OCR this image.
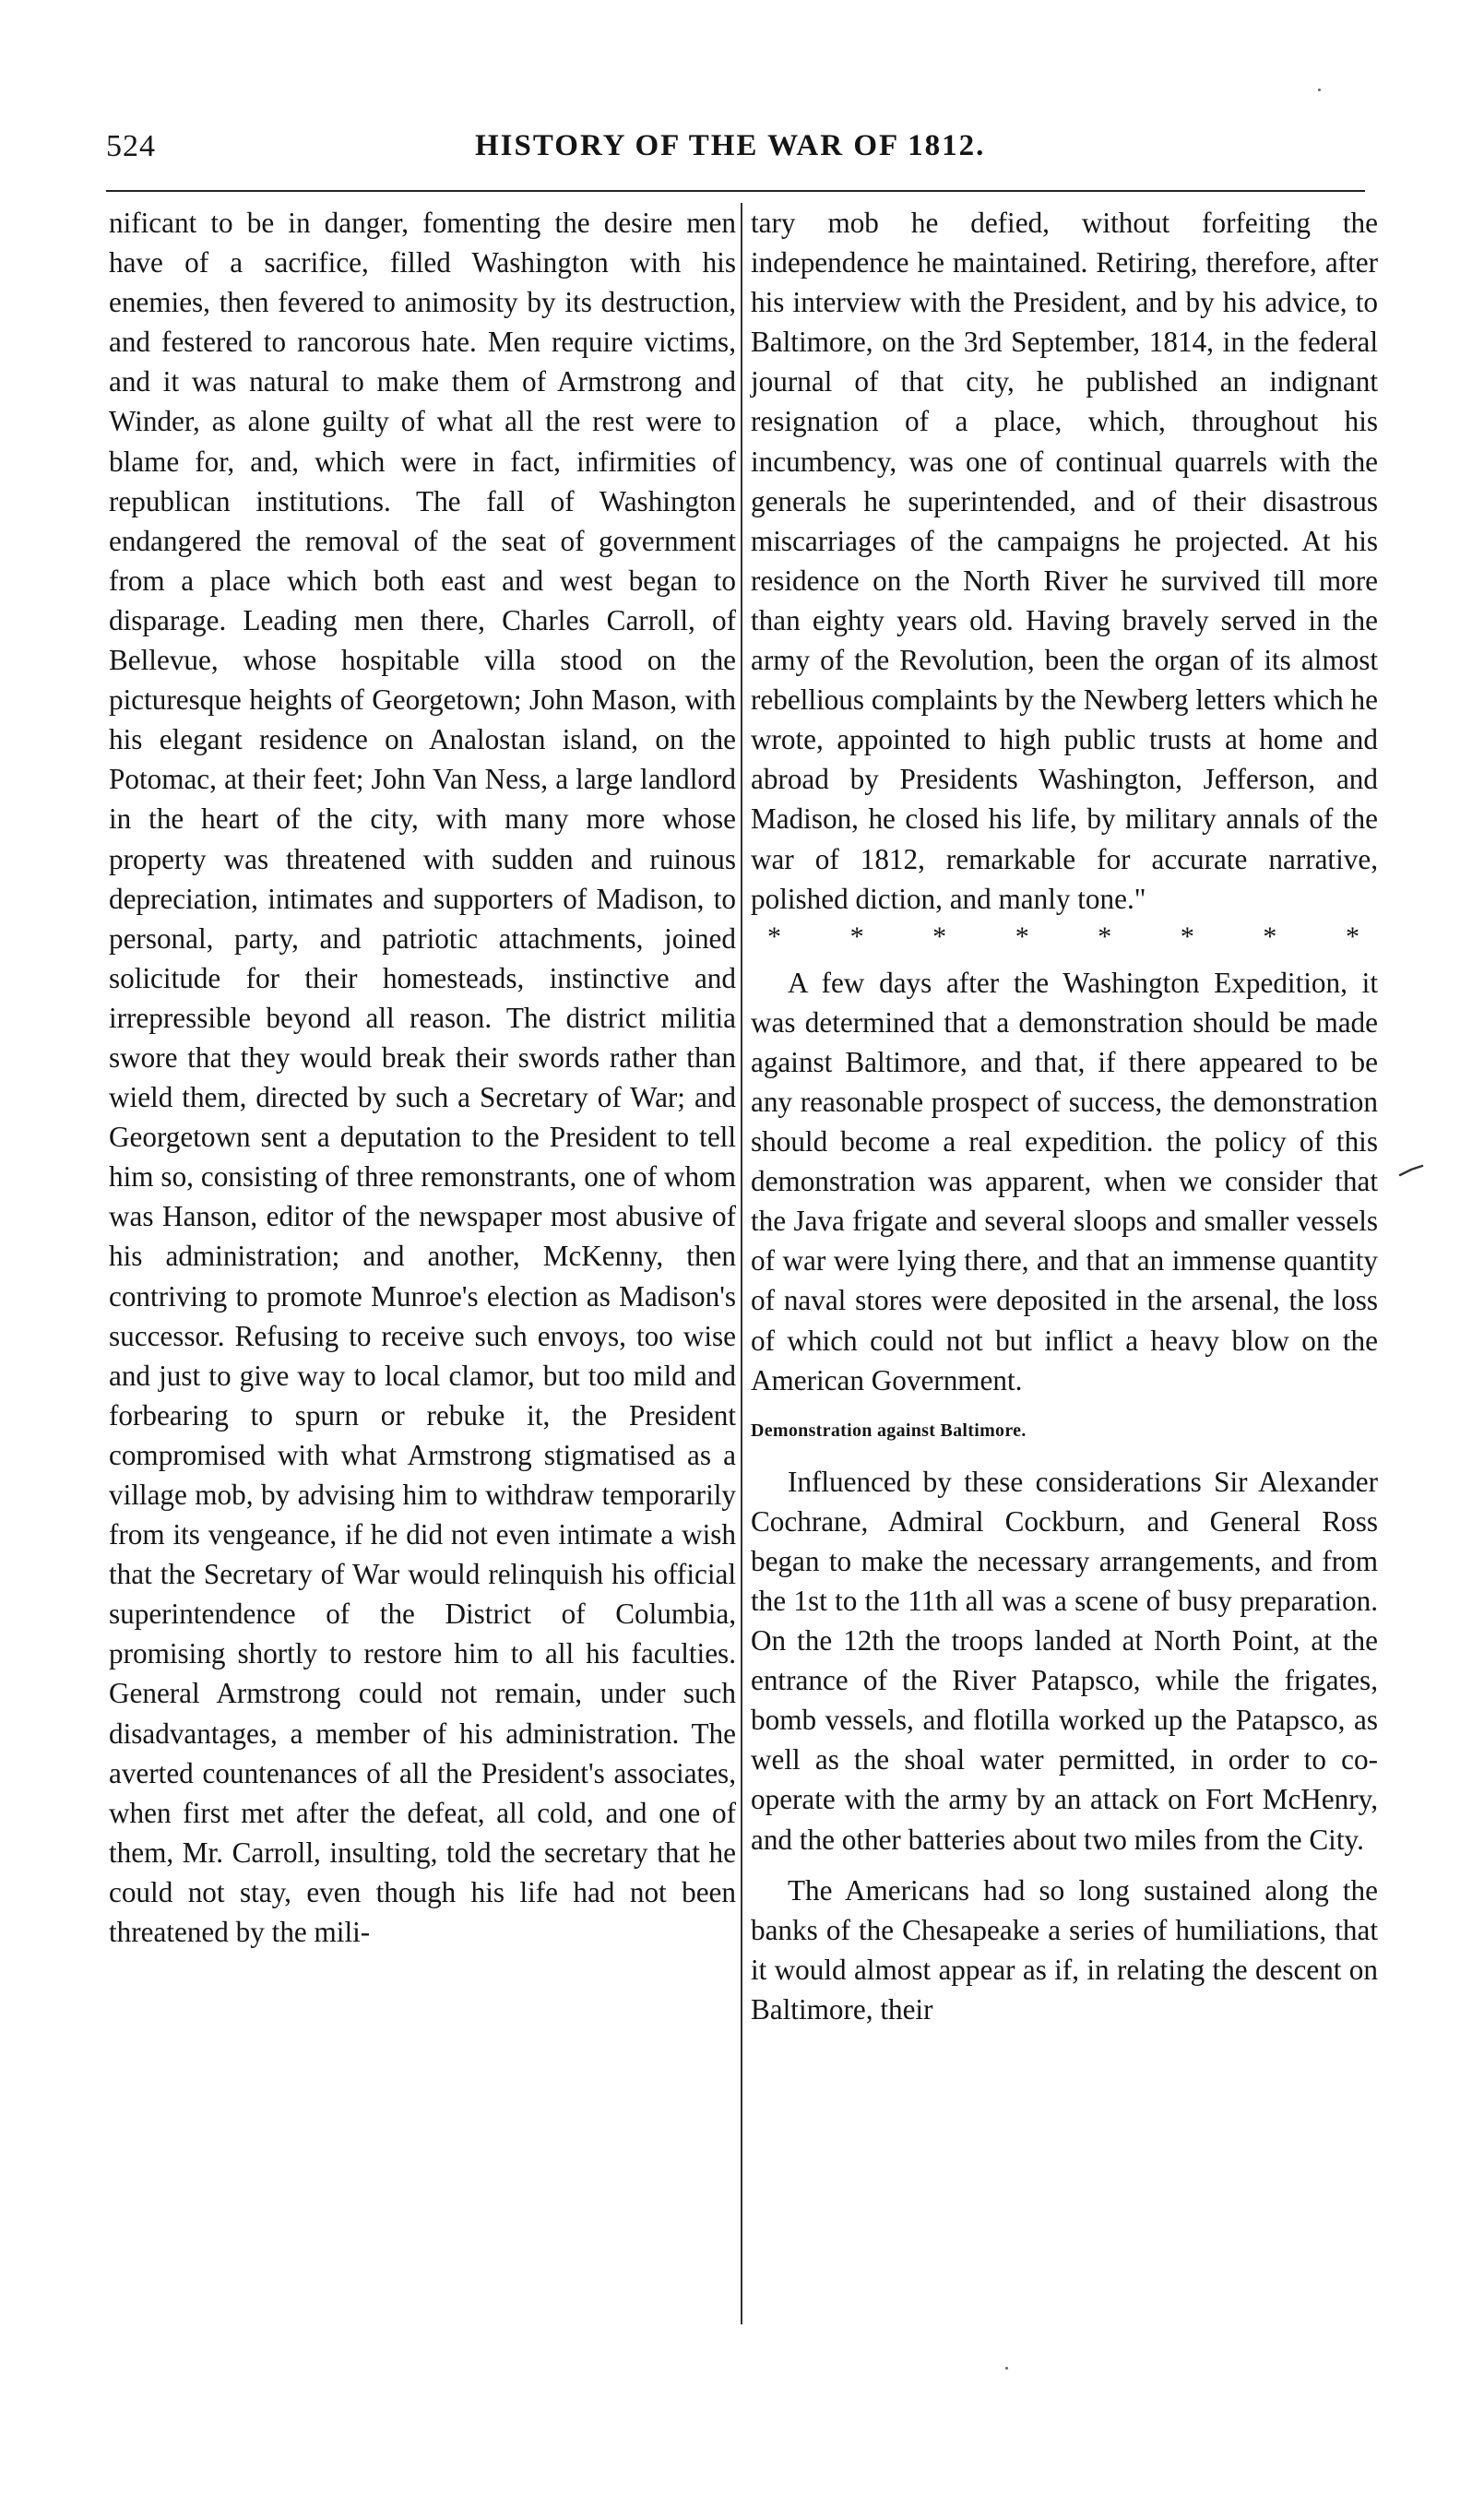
524	HISTORY OF THE WAR OF 1812.

nificant to be in danger, fomenting the desire men have of a sacrifice, filled Washington with his enemies, then fevered to animosity by its destruction, and festered to rancorous hate. Men require victims, and it was natural to make them of Armstrong and Winder, as alone guilty of what all the rest were to blame for, and, which were in fact, infirmities of republican institutions. The fall of Washington endangered the removal of the seat of government from a place which both east and west began to disparage. Leading men there, Charles Carroll, of Bellevue, whose hospitable villa stood on the picturesque heights of Georgetown; John Mason, with his elegant residence on Analostan island, on the Potomac, at their feet; John Van Ness, a large landlord in the heart of the city, with many more whose property was threatened with sudden and ruinous depreciation, intimates and supporters of Madison, to personal, party, and patriotic attachments, joined solicitude for their homesteads, instinctive and irrepressible beyond all reason. The district militia swore that they would break their swords rather than wield them, directed by such a Secretary of War; and Georgetown sent a deputation to the President to tell him so, consisting of three remonstrants, one of whom was Hanson, editor of the newspaper most abusive of his administration; and another, McKenny, then contriving to promote Munroe's election as Madison's successor. Refusing to receive such envoys, too wise and just to give way to local clamor, but too mild and forbearing to spurn or rebuke it, the President compromised with what Armstrong stigmatised as a village mob, by advising him to withdraw temporarily from its vengeance, if he did not even intimate a wish that the Secretary of War would relinquish his official superintendence of the District of Columbia, promising shortly to restore him to all his faculties. General Armstrong could not remain, under such disadvantages, a member of his administration. The averted countenances of all the President's associates, when first met after the defeat, all cold, and one of them, Mr. Carroll, insulting, told the secretary that he could not stay, even though his life had not been threatened by the mili-

tary mob he defied, without forfeiting the independence he maintained. Retiring, therefore, after his interview with the President, and by his advice, to Baltimore, on the 3rd September, 1814, in the federal journal of that city, he published an indignant resignation of a place, which, throughout his incumbency, was one of continual quarrels with the generals he superintended, and of their disastrous miscarriages of the campaigns he projected. At his residence on the North River he survived till more than eighty years old. Having bravely served in the army of the Revolution, been the organ of its almost rebellious complaints by the Newberg letters which he wrote, appointed to high public trusts at home and abroad by Presidents Washington, Jefferson, and Madison, he closed his life, by military annals of the war of 1812, remarkable for accurate narrative, polished diction, and manly tone."

* * * * * * * *

A few days after the Washington Expedition, it was determined that a demonstration should be made against Baltimore, and that, if there appeared to be any reasonable prospect of success, the demonstration should become a real expedition. the policy of this demonstration was apparent, when we consider that the Java frigate and several sloops and smaller vessels of war were lying there, and that an immense quantity of naval stores were deposited in the arsenal, the loss of which could not but inflict a heavy blow on the American Government.

Demonstration against Baltimore.

Influenced by these considerations Sir Alexander Cochrane, Admiral Cockburn, and General Ross began to make the necessary arrangements, and from the 1st to the 11th all was a scene of busy preparation. On the 12th the troops landed at North Point, at the entrance of the River Patapsco, while the frigates, bomb vessels, and flotilla worked up the Patapsco, as well as the shoal water permitted, in order to co-operate with the army by an attack on Fort McHenry, and the other batteries about two miles from the City.

The Americans had so long sustained along the banks of the Chesapeake a series of humiliations, that it would almost appear as if, in relating the descent on Baltimore, their
